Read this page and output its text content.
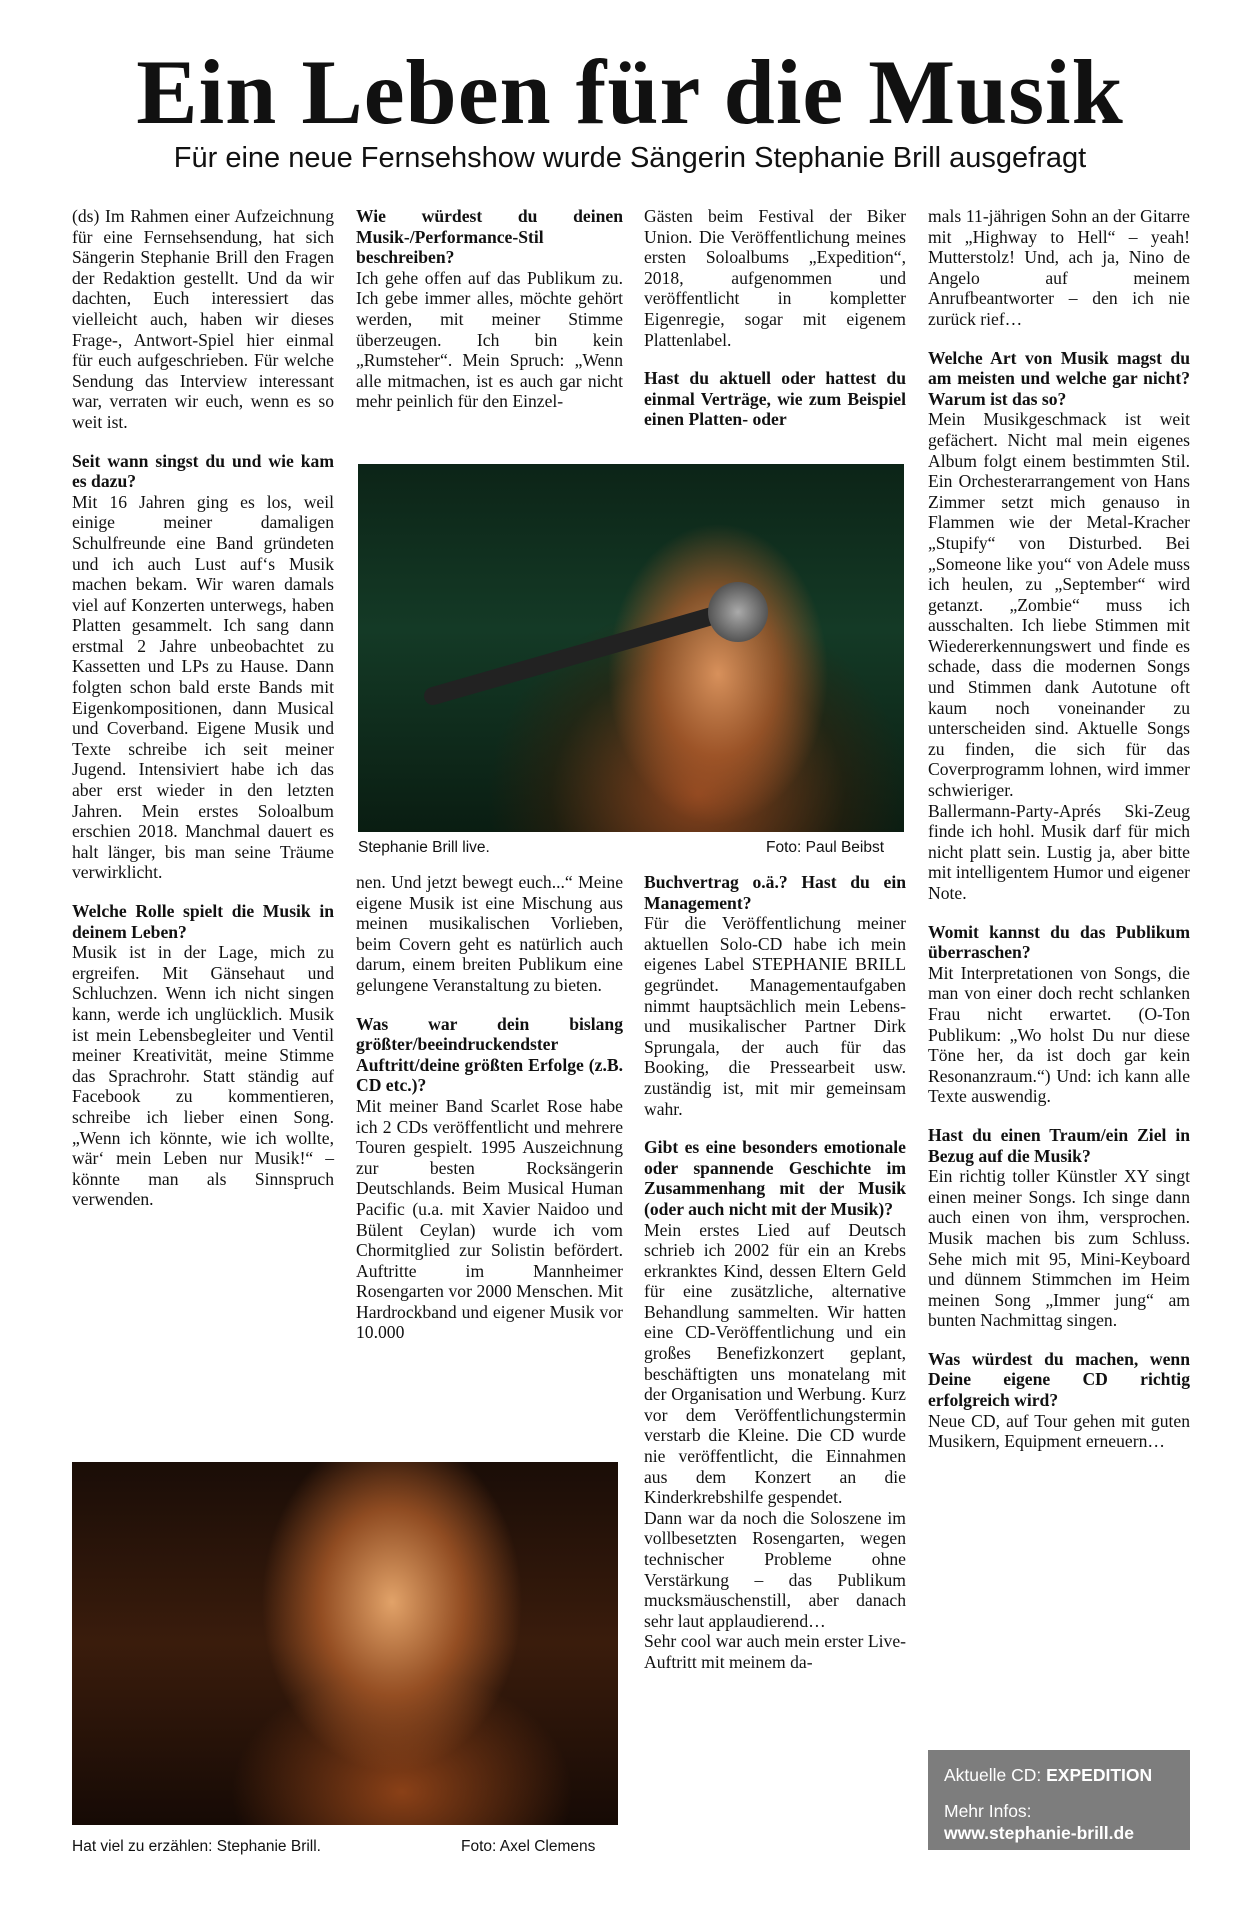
Ein Leben für die Musik
Für eine neue Fernsehshow wurde Sängerin Stephanie Brill ausgefragt

(ds) Im Rahmen einer Aufzeichnung für eine Fernsehsendung, hat sich Sängerin Stephanie Brill den Fragen der Redaktion gestellt. Und da wir dachten, Euch interessiert das vielleicht auch, haben wir dieses Frage-, Antwort-Spiel hier einmal für euch aufgeschrieben. Für welche Sendung das Interview interessant war, verraten wir euch, wenn es so weit ist.

Seit wann singst du und wie kam es dazu?

Mit 16 Jahren ging es los, weil einige meiner damaligen Schulfreunde eine Band gründeten und ich auch Lust auf‘s Musik machen bekam. Wir waren damals viel auf Konzerten unterwegs, haben Platten gesammelt. Ich sang dann erstmal 2 Jahre unbeobachtet zu Kassetten und LPs zu Hause. Dann folgten schon bald erste Bands mit Eigenkompositionen, dann Musical und Coverband. Eigene Musik und Texte schreibe ich seit meiner Jugend. Intensiviert habe ich das aber erst wieder in den letzten Jahren. Mein erstes Soloalbum erschien 2018. Manchmal dauert es halt länger, bis man seine Träume verwirklicht.

Welche Rolle spielt die Musik in deinem Leben?

Musik ist in der Lage, mich zu ergreifen. Mit Gänsehaut und Schluchzen. Wenn ich nicht singen kann, werde ich unglücklich. Musik ist mein Lebensbegleiter und Ventil meiner Kreativität, meine Stimme das Sprachrohr. Statt ständig auf Facebook zu kommentieren, schreibe ich lieber einen Song. „Wenn ich könnte, wie ich wollte, wär‘ mein Leben nur Musik!“ – könnte man als Sinnspruch verwenden.

Wie würdest du deinen Musik-/Performance-Stil beschreiben?

Ich gehe offen auf das Publikum zu. Ich gebe immer alles, möchte gehört werden, mit meiner Stimme überzeugen. Ich bin kein „Rumsteher“. Mein Spruch: „Wenn alle mitmachen, ist es auch gar nicht mehr peinlich für den Einzel-

Gästen beim Festival der Biker Union. Die Veröffentlichung meines ersten Soloalbums „Expedition“, 2018, aufgenommen und veröffentlicht in kompletter Eigenregie, sogar mit eigenem Plattenlabel.

Hast du aktuell oder hattest du einmal Verträge, wie zum Beispiel einen Platten- oder
Stephanie Brill live.	Foto: Paul Beibst

nen. Und jetzt bewegt euch...“ Meine eigene Musik ist eine Mischung aus meinen musikalischen Vorlieben, beim Covern geht es natürlich auch darum, einem breiten Publikum eine gelungene Veranstaltung zu bieten.

Was war dein bislang größter/beeindruckendster Auftritt/deine größten Erfolge (z.B. CD etc.)?

Mit meiner Band Scarlet Rose habe ich 2 CDs veröffentlicht und mehrere Touren gespielt. 1995 Auszeichnung zur besten Rocksängerin Deutschlands. Beim Musical Human Pacific (u.a. mit Xavier Naidoo und Bülent Ceylan) wurde ich vom Chormitglied zur Solistin befördert. Auftritte im Mannheimer Rosengarten vor 2000 Menschen. Mit Hardrockband und eigener Musik vor 10.000

Buchvertrag o.ä.? Hast du ein Management?

Für die Veröffentlichung meiner aktuellen Solo-CD habe ich mein eigenes Label STEPHANIE BRILL gegründet. Managementaufgaben nimmt hauptsächlich mein Lebens- und musikalischer Partner Dirk Sprungala, der auch für das Booking, die Pressearbeit usw. zuständig ist, mit mir gemeinsam wahr.

Gibt es eine besonders emotionale oder spannende Geschichte im Zusammenhang mit der Musik (oder auch nicht mit der Musik)?

Mein erstes Lied auf Deutsch schrieb ich 2002 für ein an Krebs erkranktes Kind, dessen Eltern Geld für eine zusätzliche, alternative Behandlung sammelten. Wir hatten eine CD-Veröffentlichung und ein großes Benefizkonzert geplant, beschäftigten uns monatelang mit der Organisation und Werbung. Kurz vor dem Veröffentlichungstermin verstarb die Kleine. Die CD wurde nie veröffentlicht, die Einnahmen aus dem Konzert an die Kinderkrebshilfe gespendet.

Dann war da noch die Soloszene im vollbesetzten Rosengarten, wegen technischer Probleme ohne Verstärkung – das Publikum mucksmäuschenstill, aber danach sehr laut applaudierend…

Sehr cool war auch mein erster Live-Auftritt mit meinem da-

mals 11-jährigen Sohn an der Gitarre mit „Highway to Hell“ – yeah! Mutterstolz! Und, ach ja, Nino de Angelo auf meinem Anrufbeantworter – den ich nie zurück rief…

Welche Art von Musik magst du am meisten und welche gar nicht? Warum ist das so?

Mein Musikgeschmack ist weit gefächert. Nicht mal mein eigenes Album folgt einem bestimmten Stil. Ein Orchesterarrangement von Hans Zimmer setzt mich genauso in Flammen wie der Metal-Kracher „Stupify“ von Disturbed. Bei „Someone like you“ von Adele muss ich heulen, zu „September“ wird getanzt. „Zombie“ muss ich ausschalten. Ich liebe Stimmen mit Wiedererkennungswert und finde es schade, dass die modernen Songs und Stimmen dank Autotune oft kaum noch voneinander zu unterscheiden sind. Aktuelle Songs zu finden, die sich für das Coverprogramm lohnen, wird immer schwieriger.

Ballermann-Party-Aprés Ski-Zeug finde ich hohl. Musik darf für mich nicht platt sein. Lustig ja, aber bitte mit intelligentem Humor und eigener Note.

Womit kannst du das Publikum überraschen?

Mit Interpretationen von Songs, die man von einer doch recht schlanken Frau nicht erwartet. (O-Ton Publikum: „Wo holst Du nur diese Töne her, da ist doch gar kein Resonanzraum.“) Und: ich kann alle Texte auswendig.

Hast du einen Traum/ein Ziel in Bezug auf die Musik?

Ein richtig toller Künstler XY singt einen meiner Songs. Ich singe dann auch einen von ihm, versprochen. Musik machen bis zum Schluss. Sehe mich mit 95, Mini-Keyboard und dünnem Stimmchen im Heim meinen Song „Immer jung“ am bunten Nachmittag singen.

Was würdest du machen, wenn Deine eigene CD richtig erfolgreich wird?

Neue CD, auf Tour gehen mit guten Musikern, Equipment erneuern…

Hat viel zu erzählen: Stephanie Brill.	Foto: Axel Clemens
Aktuelle CD: EXPEDITION
Mehr Infos:
www.stephanie-brill.de
